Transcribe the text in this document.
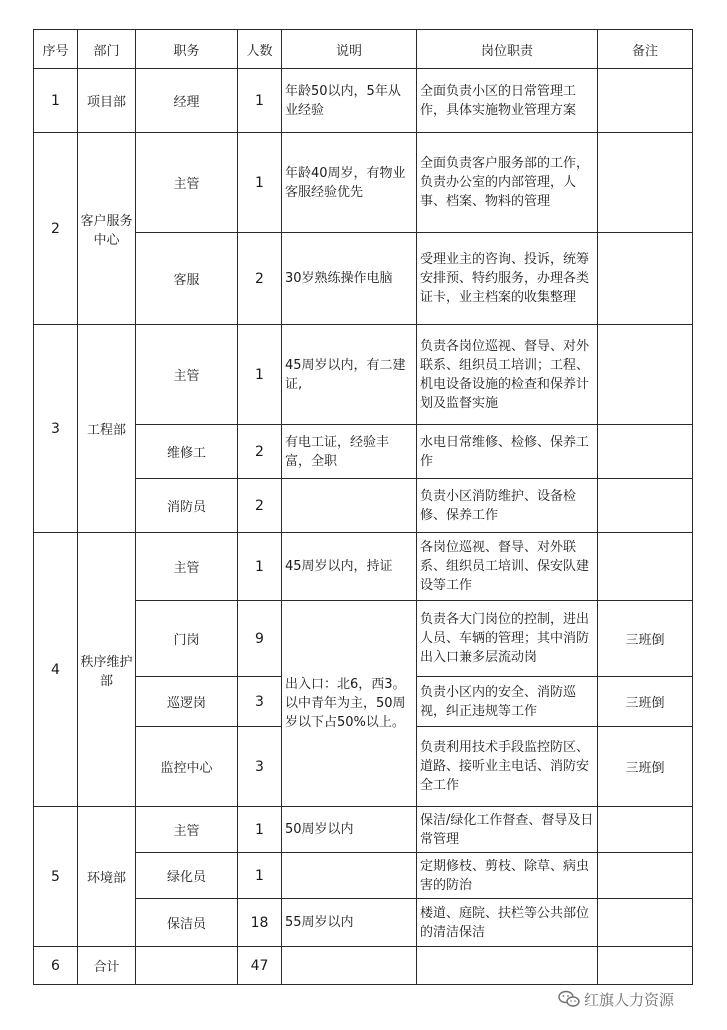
序号	部门	职务	人数	说明	岗位职责	备注
1	项目部	经理	1	年龄50以内，5年从业经验	全面负责小区的日常管理工作，具体实施物业管理方案	
2	客户服务中心	主管	1	年龄40周岁，有物业客服经验优先	全面负责客户服务部的工作，负责办公室的内部管理，人事、档案、物料的管理	
		客服	2	30岁熟练操作电脑	受理业主的咨询、投诉，统筹安排预、特约服务，办理各类证卡，业主档案的收集整理	
3	工程部	主管	1	45周岁以内，有二建证,	负责各岗位巡视、督导、对外联系、组织员工培训；工程、机电设备设施的检查和保养计划及监督实施	
		维修工	2	有电工证，经验丰富，全职	水电日常维修、检修、保养工作	
		消防员	2		负责小区消防维护、设备检修、保养工作	
4	秩序维护部	主管	1	45周岁以内，持证	各岗位巡视、督导、对外联系、组织员工培训、保安队建设等工作	
		门岗	9	出入口：北6，西3。以中青年为主，50周岁以下占50%以上。	负责各大门岗位的控制，进出人员、车辆的管理；其中消防出入口兼多层流动岗	三班倒
		巡逻岗	3		负责小区内的安全、消防巡视，纠正违规等工作	三班倒
		监控中心	3		负责利用技术手段监控防区、道路、接听业主电话、消防安全工作	三班倒
5	环境部	主管	1	50周岁以内	保洁/绿化工作督查、督导及日常管理	
		绿化员	1		定期修枝、剪枝、除草、病虫害的防治	
		保洁员	18	55周岁以内	楼道、庭院、扶栏等公共部位的清洁保洁	
6	合计		47			
红旗人力资源
